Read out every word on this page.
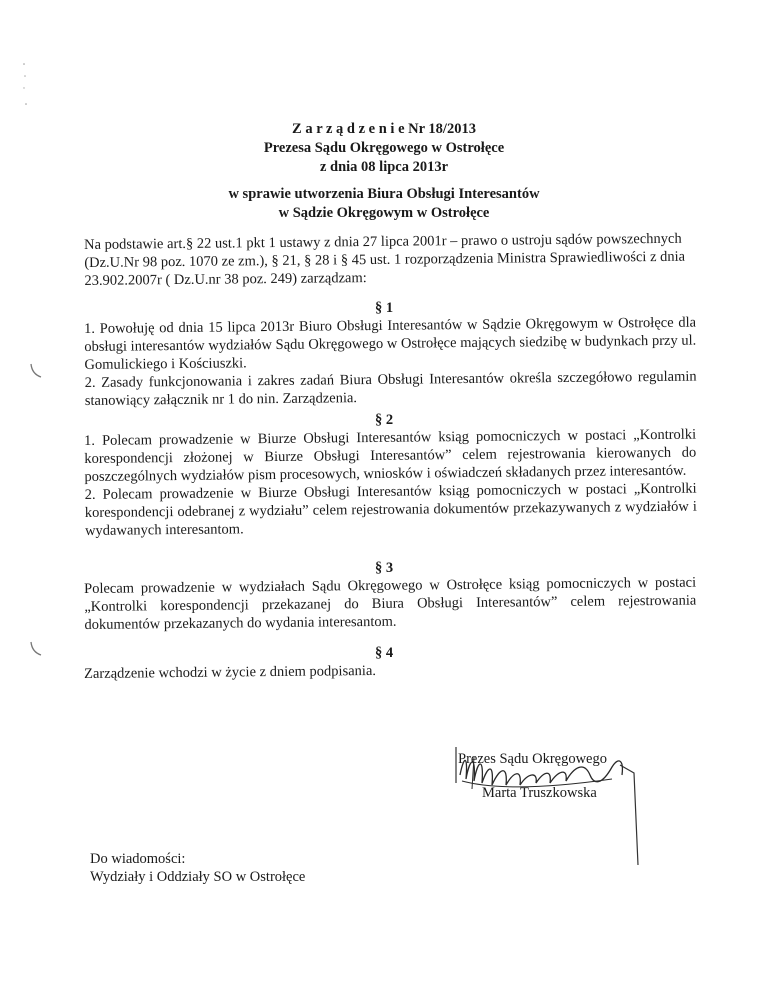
Z a r z ą d z e n i e Nr 18/2013
Prezesa Sądu Okręgowego w Ostrołęce
z dnia 08 lipca 2013r
w sprawie utworzenia Biura Obsługi Interesantów
w Sądzie Okręgowym w Ostrołęce
Na podstawie art.§ 22 ust.1 pkt 1 ustawy z dnia 27 lipca 2001r – prawo o ustroju sądów powszechnych (Dz.U.Nr 98 poz. 1070 ze zm.), § 21, § 28 i § 45 ust. 1 rozporządzenia Ministra Sprawiedliwości z dnia 23.902.2007r ( Dz.U.nr 38 poz. 249) zarządzam:
§ 1

1. Powołuję od dnia 15 lipca 2013r Biuro Obsługi Interesantów w Sądzie Okręgowym w Ostrołęce dla obsługi interesantów wydziałów Sądu Okręgowego w Ostrołęce mających siedzibę w budynkach przy ul. Gomulickiego i Kościuszki.

2. Zasady funkcjonowania i zakres zadań Biura Obsługi Interesantów określa szczegółowo regulamin stanowiący załącznik nr 1 do nin. Zarządzenia.

§ 2

1. Polecam prowadzenie w Biurze Obsługi Interesantów ksiąg pomocniczych w postaci „Kontrolki korespondencji złożonej w Biurze Obsługi Interesantów” celem rejestrowania kierowanych do poszczególnych wydziałów pism procesowych, wniosków i oświadczeń składanych przez interesantów.

2. Polecam prowadzenie w Biurze Obsługi Interesantów ksiąg pomocniczych w postaci „Kontrolki korespondencji odebranej z wydziału” celem rejestrowania dokumentów przekazywanych z wydziałów i wydawanych interesantom.

§ 3

Polecam prowadzenie w wydziałach Sądu Okręgowego w Ostrołęce ksiąg pomocniczych w postaci „Kontrolki korespondencji przekazanej do Biura Obsługi Interesantów” celem rejestrowania dokumentów przekazanych do wydania interesantom.

§ 4

Zarządzenie wchodzi w życie z dniem podpisania.

Prezes Sądu Okręgowego
Marta Truszkowska
Do wiadomości:
Wydziały i Oddziały SO w Ostrołęce
